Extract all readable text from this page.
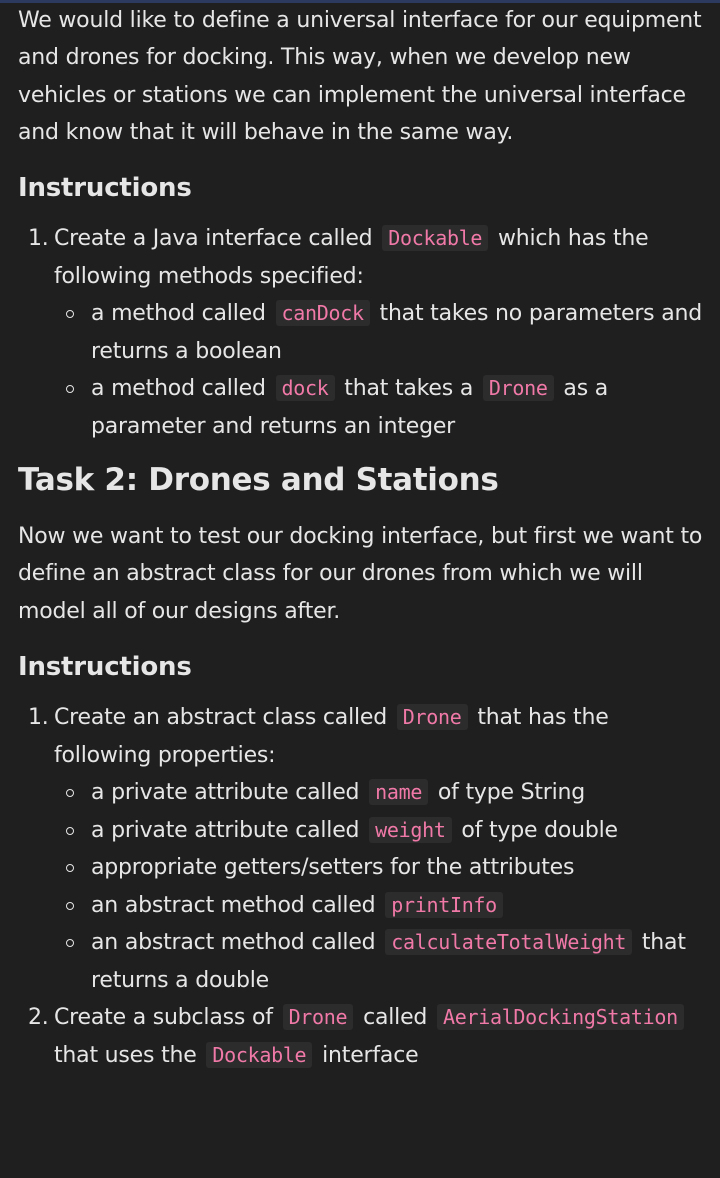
We would like to define a universal interface for our equipment and drones for docking. This way, when we develop new vehicles or stations we can implement the universal interface and know that it will behave in the same way.

Instructions
1. Create a Java interface called Dockable which has the following methods specified:
a method called canDock that takes no parameters and returns a boolean
a method called dock that takes a Drone as a parameter and returns an integer
Task 2: Drones and Stations

Now we want to test our docking interface, but first we want to define an abstract class for our drones from which we will model all of our designs after.

Instructions
1. Create an abstract class called Drone that has the following properties:
a private attribute called name of type String
a private attribute called weight of type double
appropriate getters/setters for the attributes
an abstract method called printInfo
an abstract method called calculateTotalWeight that returns a double
2. Create a subclass of Drone called AerialDockingStation that uses the Dockable interface
